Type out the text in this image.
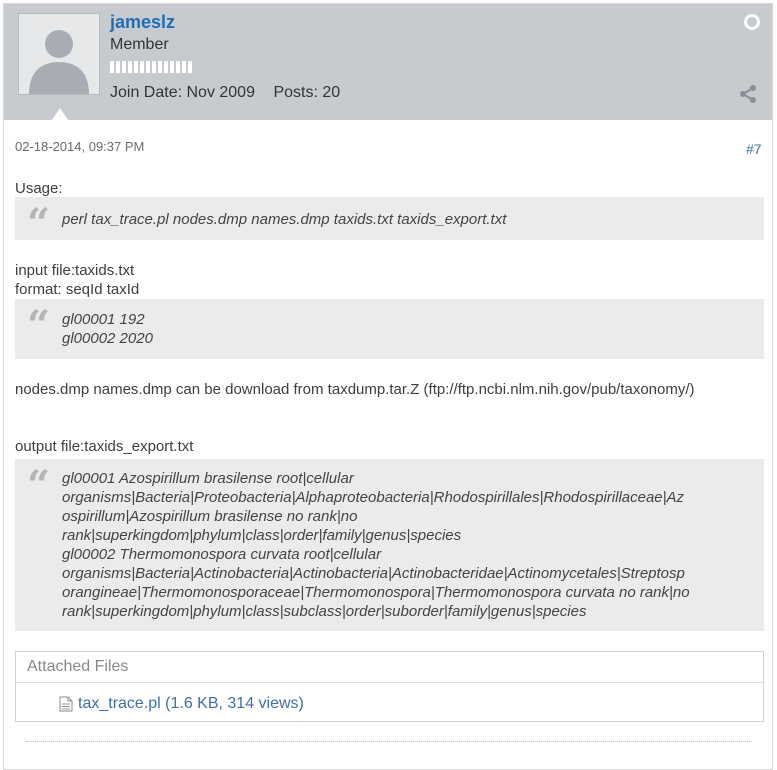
jameslz
Member
Join Date: Nov 2009 Posts: 20
02-18-2014, 09:37 PM	#7
Usage:
“ perl tax_trace.pl nodes.dmp names.dmp taxids.txt taxids_export.txt
input file:taxids.txt
format: seqId taxId
“ gl00001 192
gl00002 2020
nodes.dmp names.dmp can be download from taxdump.tar.Z (ftp://ftp.ncbi.nlm.nih.gov/pub/taxonomy/)
output file:taxids_export.txt
“ gl00001 Azospirillum brasilense root|cellular
organisms|Bacteria|Proteobacteria|Alphaproteobacteria|Rhodospirillales|Rhodospirillaceae|Az
ospirillum|Azospirillum brasilense no rank|no
rank|superkingdom|phylum|class|order|family|genus|species
gl00002 Thermomonospora curvata root|cellular
organisms|Bacteria|Actinobacteria|Actinobacteria|Actinobacteridae|Actinomycetales|Streptosp
orangineae|Thermomonosporaceae|Thermomonospora|Thermomonospora curvata no rank|no
rank|superkingdom|phylum|class|subclass|order|suborder|family|genus|species
Attached Files
tax_trace.pl (1.6 KB, 314 views)
